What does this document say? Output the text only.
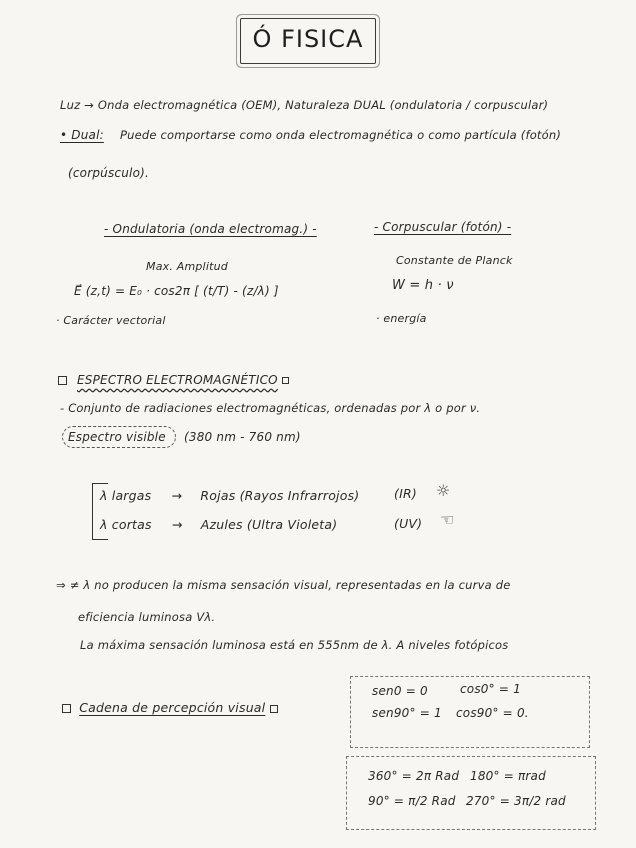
Ó FISICA
Luz → Onda electromagnética (OEM), Naturaleza DUAL (ondulatoria / corpuscular)
• Dual: Puede comportarse como onda electromagnética o como partícula (fotón)
(corpúsculo).
- Ondulatoria (onda electromag.) -
Max. Amplitud
E⃗ (z,t) = E₀ · cos2π [ (t/T) - (z/λ) ]
· Carácter vectorial
- Corpuscular (fotón) -
Constante de Planck
W = h · ν
· energía
ESPECTRO ELECTROMAGNÉTICO
- Conjunto de radiaciones electromagnéticas, ordenadas por λ o por ν.
Espectro visible (380 nm - 760 nm)
λ largas → Rojas (Rayos Infrarrojos)	(IR) ☼
λ cortas → Azules (Ultra Violeta)	(UV) ☜
⇒ ≠ λ no producen la misma sensación visual, representadas en la curva de
eficiencia luminosa Vλ.
La máxima sensación luminosa está en 555nm de λ. A niveles fotópicos
Cadena de percepción visual
sen0 = 0	cos0° = 1
sen90° = 1 cos90° = 0.
360° = 2π Rad 180° = πrad
90° = π/2 Rad 270° = 3π/2 rad
